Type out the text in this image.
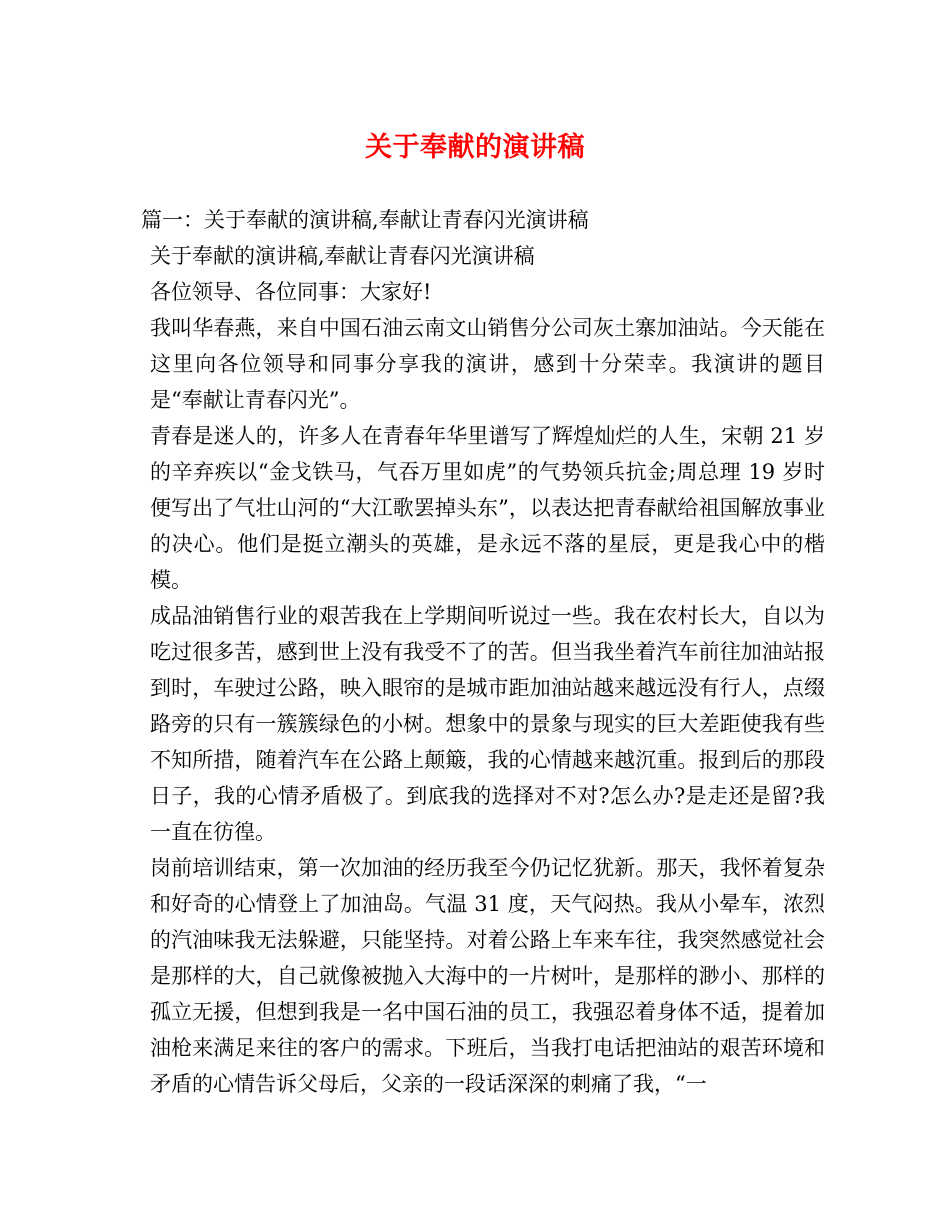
关于奉献的演讲稿

篇一：关于奉献的演讲稿,奉献让青春闪光演讲稿

关于奉献的演讲稿,奉献让青春闪光演讲稿

各位领导、各位同事：大家好!

我叫华春燕，来自中国石油云南文山销售分公司灰土寨加油站。今天能在这里向各位领导和同事分享我的演讲，感到十分荣幸。我演讲的题目是“奉献让青春闪光”。

青春是迷人的，许多人在青春年华里谱写了辉煌灿烂的人生，宋朝 21 岁的辛弃疾以“金戈铁马，气吞万里如虎”的气势领兵抗金;周总理 19 岁时便写出了气壮山河的“大江歌罢掉头东”，以表达把青春献给祖国解放事业的决心。他们是挺立潮头的英雄，是永远不落的星辰，更是我心中的楷模。

成品油销售行业的艰苦我在上学期间听说过一些。我在农村长大，自以为吃过很多苦，感到世上没有我受不了的苦。但当我坐着汽车前往加油站报到时，车驶过公路，映入眼帘的是城市距加油站越来越远没有行人，点缀路旁的只有一簇簇绿色的小树。想象中的景象与现实的巨大差距使我有些不知所措，随着汽车在公路上颠簸，我的心情越来越沉重。报到后的那段日子，我的心情矛盾极了。到底我的选择对不对?怎么办?是走还是留?我一直在彷徨。

岗前培训结束，第一次加油的经历我至今仍记忆犹新。那天，我怀着复杂和好奇的心情登上了加油岛。气温 31 度，天气闷热。我从小晕车，浓烈的汽油味我无法躲避，只能坚持。对着公路上车来车往，我突然感觉社会是那样的大，自己就像被抛入大海中的一片树叶，是那样的渺小、那样的孤立无援，但想到我是一名中国石油的员工，我强忍着身体不适，提着加油枪来满足来往的客户的需求。下班后，当我打电话把油站的艰苦环境和矛盾的心情告诉父母后，父亲的一段话深深的刺痛了我，“一
